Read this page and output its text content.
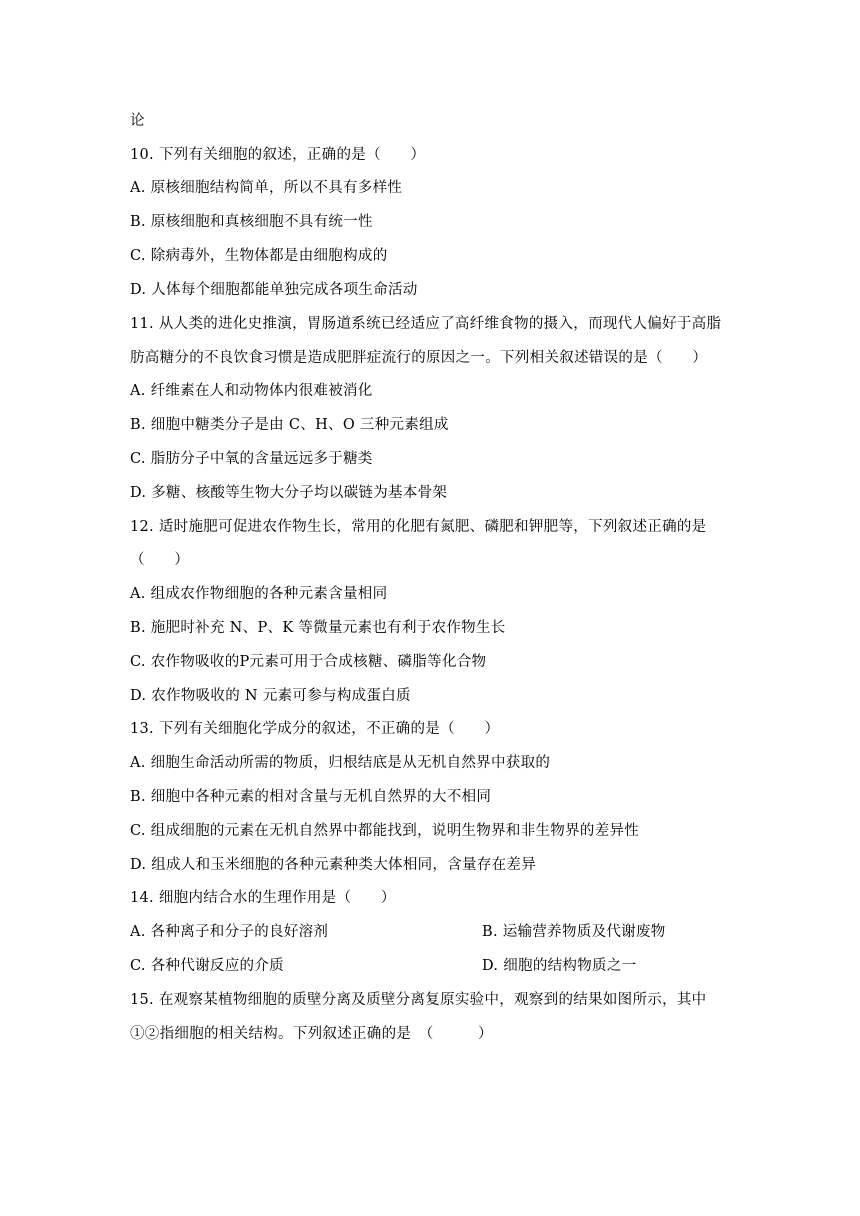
论
10. 下列有关细胞的叙述，正确的是（　　）
A. 原核细胞结构简单，所以不具有多样性
B. 原核细胞和真核细胞不具有统一性
C. 除病毒外，生物体都是由细胞构成的
D. 人体每个细胞都能单独完成各项生命活动
11. 从人类的进化史推演，胃肠道系统已经适应了高纤维食物的摄入，而现代人偏好于高脂
肪高糖分的不良饮食习惯是造成肥胖症流行的原因之一。下列相关叙述错误的是（　　）
A. 纤维素在人和动物体内很难被消化
B. 细胞中糖类分子是由 C、H、O 三种元素组成
C. 脂肪分子中氧的含量远远多于糖类
D. 多糖、核酸等生物大分子均以碳链为基本骨架
12. 适时施肥可促进农作物生长，常用的化肥有氮肥、磷肥和钾肥等，下列叙述正确的是
（　　）
A. 组成农作物细胞的各种元素含量相同
B. 施肥时补充 N、P、K 等微量元素也有利于农作物生长
C. 农作物吸收的P元素可用于合成核糖、磷脂等化合物
D. 农作物吸收的 N 元素可参与构成蛋白质
13. 下列有关细胞化学成分的叙述，不正确的是（　　）
A. 细胞生命活动所需的物质，归根结底是从无机自然界中获取的
B. 细胞中各种元素的相对含量与无机自然界的大不相同
C. 组成细胞的元素在无机自然界中都能找到，说明生物界和非生物界的差异性
D. 组成人和玉米细胞的各种元素种类大体相同，含量存在差异
14. 细胞内结合水的生理作用是（　　）
A. 各种离子和分子的良好溶剂	B. 运输营养物质及代谢废物
C. 各种代谢反应的介质	D. 细胞的结构物质之一
15. 在观察某植物细胞的质壁分离及质壁分离复原实验中，观察到的结果如图所示，其中
①②指细胞的相关结构。下列叙述正确的是　（　　　）
